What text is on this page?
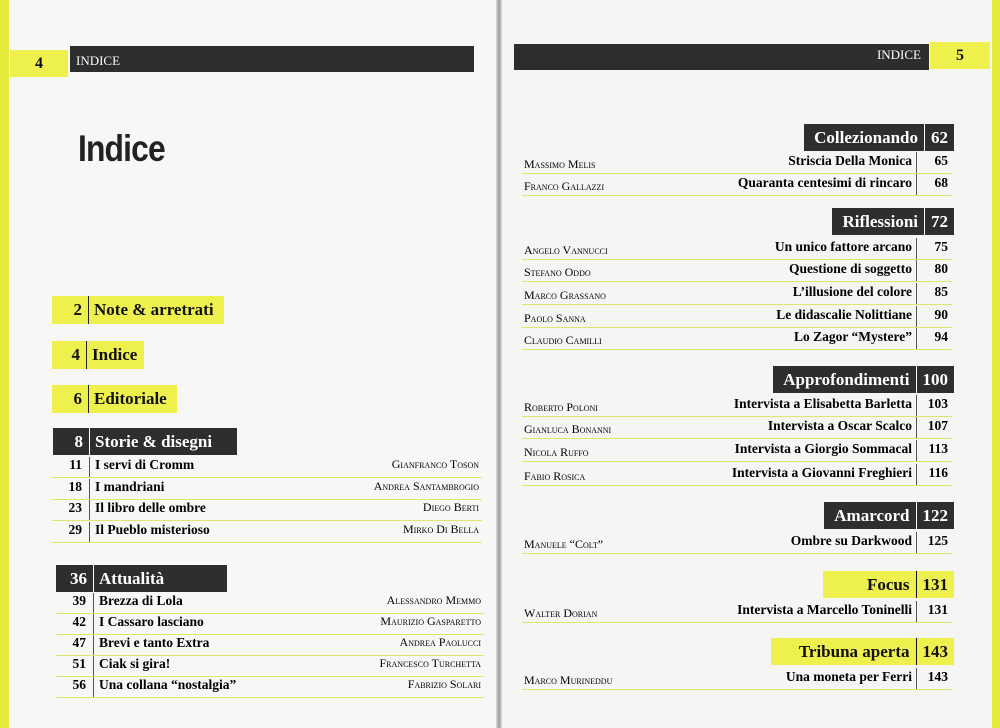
4	INDICE
Indice
2 Note & arretrati
4 Indice
6 Editoriale
8 Storie & disegni
11 I servi di Cromm	Gianfranco Toson
18 I mandriani	Andrea Santambrogio
23 Il libro delle ombre	Diego Berti
29 Il Pueblo misterioso	Mirko Di Bella
36 Attualità
39 Brezza di Lola	Alessandro Memmo
42 I Cassaro lasciano	Maurizio Gasparetto
47 Brevi e tanto Extra	Andrea Paolucci
51 Ciak si gira!	Francesco Turchetta
56 Una collana “nostalgia”	Fabrizio Solari
INDICE	5
Collezionando 62
Massimo Melis	Striscia Della Monica 65
Franco Gallazzi	Quaranta centesimi di rincaro 68
Riflessioni 72
Angelo Vannucci	Un unico fattore arcano 75
Stefano Oddo	Questione di soggetto 80
Marco Grassano	L’illusione del colore 85
Paolo Sanna	Le didascalie Nolittiane 90
Claudio Camilli	Lo Zagor “Mystere” 94
Approfondimenti 100
Roberto Poloni	Intervista a Elisabetta Barletta 103
Gianluca Bonanni	Intervista a Oscar Scalco 107
Nicola Ruffo	Intervista a Giorgio Sommacal 113
Fabio Rosica	Intervista a Giovanni Freghieri 116
Amarcord 122
Manuele “Colt”	Ombre su Darkwood 125
Focus 131
Walter Dorian	Intervista a Marcello Toninelli 131
Tribuna aperta 143
Marco Murineddu	Una moneta per Ferri 143
